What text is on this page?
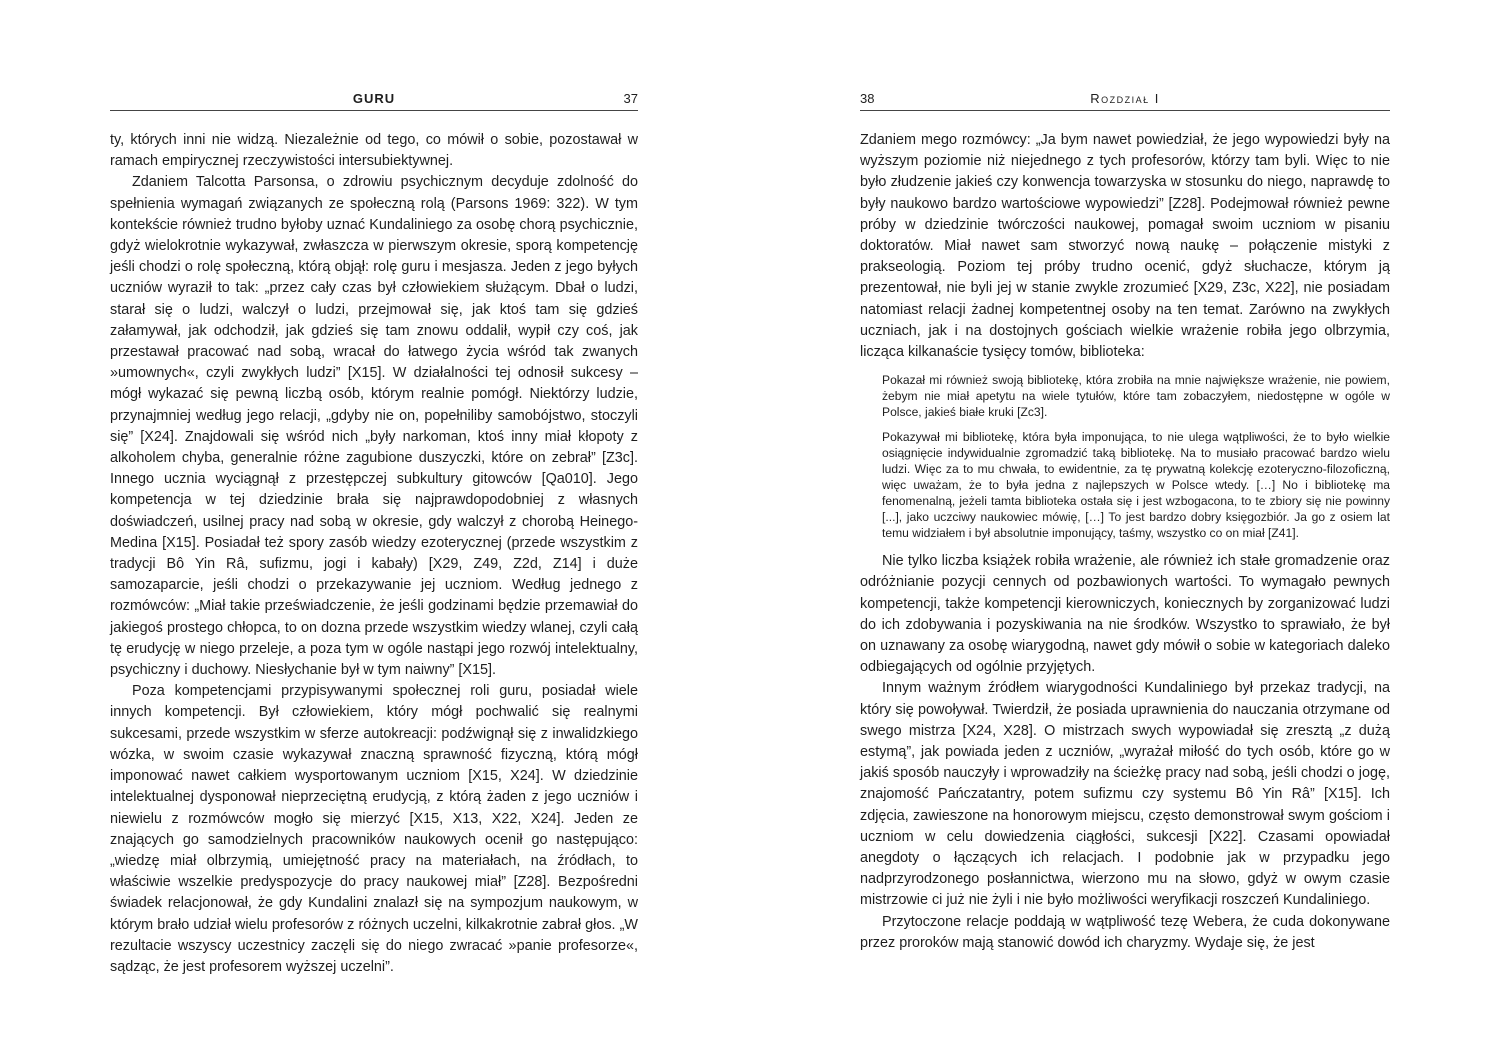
GURU	37

ty, których inni nie widzą. Niezależnie od tego, co mówił o sobie, pozostawał w ramach empirycznej rzeczywistości intersubiektywnej.

Zdaniem Talcotta Parsonsa, o zdrowiu psychicznym decyduje zdolność do spełnienia wymagań związanych ze społeczną rolą (Parsons 1969: 322). W tym kontekście również trudno byłoby uznać Kundaliniego za osobę chorą psychicznie, gdyż wielokrotnie wykazywał, zwłaszcza w pierwszym okresie, sporą kompetencję jeśli chodzi o rolę społeczną, którą objął: rolę guru i mesjasza. Jeden z jego byłych uczniów wyraził to tak: „przez cały czas był człowiekiem służącym. Dbał o ludzi, starał się o ludzi, walczył o ludzi, przejmował się, jak ktoś tam się gdzieś załamywał, jak odchodził, jak gdzieś się tam znowu oddalił, wypił czy coś, jak przestawał pracować nad sobą, wracał do łatwego życia wśród tak zwanych »umownych«, czyli zwykłych ludzi” [X15]. W działalności tej odnosił sukcesy – mógł wykazać się pewną liczbą osób, którym realnie pomógł. Niektórzy ludzie, przynajmniej według jego relacji, „gdyby nie on, popełniliby samobójstwo, stoczyli się” [X24]. Znajdowali się wśród nich „były narkoman, ktoś inny miał kłopoty z alkoholem chyba, generalnie różne zagubione duszyczki, które on zebrał” [Z3c]. Innego ucznia wyciągnął z przestępczej subkultury gitowców [Qa010]. Jego kompetencja w tej dziedzinie brała się najprawdopodobniej z własnych doświadczeń, usilnej pracy nad sobą w okresie, gdy walczył z chorobą Heinego-Medina [X15]. Posiadał też spory zasób wiedzy ezoterycznej (przede wszystkim z tradycji Bô Yin Râ, sufizmu, jogi i kabały) [X29, Z49, Z2d, Z14] i duże samozaparcie, jeśli chodzi o przekazywanie jej uczniom. Według jednego z rozmówców: „Miał takie przeświadczenie, że jeśli godzinami będzie przemawiał do jakiegoś prostego chłopca, to on dozna przede wszystkim wiedzy wlanej, czyli całą tę erudycję w niego przeleje, a poza tym w ogóle nastąpi jego rozwój intelektualny, psychiczny i duchowy. Niesłychanie był w tym naiwny” [X15].

Poza kompetencjami przypisywanymi społecznej roli guru, posiadał wiele innych kompetencji. Był człowiekiem, który mógł pochwalić się realnymi sukcesami, przede wszystkim w sferze autokreacji: podźwignął się z inwalidzkiego wózka, w swoim czasie wykazywał znaczną sprawność fizyczną, którą mógł imponować nawet całkiem wysportowanym uczniom [X15, X24]. W dziedzinie intelektualnej dysponował nieprzeciętną erudycją, z którą żaden z jego uczniów i niewielu z rozmówców mogło się mierzyć [X15, X13, X22, X24]. Jeden ze znających go samodzielnych pracowników naukowych ocenił go następująco: „wiedzę miał olbrzymią, umiejętność pracy na materiałach, na źródłach, to właściwie wszelkie predyspozycje do pracy naukowej miał” [Z28]. Bezpośredni świadek relacjonował, że gdy Kundalini znalazł się na sympozjum naukowym, w którym brało udział wielu profesorów z różnych uczelni, kilkakrotnie zabrał głos. „W rezultacie wszyscy uczestnicy zaczęli się do niego zwracać »panie profesorze«, sądząc, że jest profesorem wyższej uczelni”.

38	Rozdział I

Zdaniem mego rozmówcy: „Ja bym nawet powiedział, że jego wypowiedzi były na wyższym poziomie niż niejednego z tych profesorów, którzy tam byli. Więc to nie było złudzenie jakieś czy konwencja towarzyska w stosunku do niego, naprawdę to były naukowo bardzo wartościowe wypowiedzi” [Z28]. Podejmował również pewne próby w dziedzinie twórczości naukowej, pomagał swoim uczniom w pisaniu doktoratów. Miał nawet sam stworzyć nową naukę – połączenie mistyki z prakseologią. Poziom tej próby trudno ocenić, gdyż słuchacze, którym ją prezentował, nie byli jej w stanie zwykle zrozumieć [X29, Z3c, X22], nie posiadam natomiast relacji żadnej kompetentnej osoby na ten temat. Zarówno na zwykłych uczniach, jak i na dostojnych gościach wielkie wrażenie robiła jego olbrzymia, licząca kilkanaście tysięcy tomów, biblioteka:

Pokazał mi również swoją bibliotekę, która zrobiła na mnie największe wrażenie, nie powiem, żebym nie miał apetytu na wiele tytułów, które tam zobaczyłem, niedostępne w ogóle w Polsce, jakieś białe kruki [Zc3].

Pokazywał mi bibliotekę, która była imponująca, to nie ulega wątpliwości, że to było wielkie osiągnięcie indywidualnie zgromadzić taką bibliotekę. Na to musiało pracować bardzo wielu ludzi. Więc za to mu chwała, to ewidentnie, za tę prywatną kolekcję ezoteryczno-filozoficzną, więc uważam, że to była jedna z najlepszych w Polsce wtedy. […] No i bibliotekę ma fenomenalną, jeżeli tamta biblioteka ostała się i jest wzbogacona, to te zbiory się nie powinny [...], jako uczciwy naukowiec mówię, […] To jest bardzo dobry księgozbiór. Ja go z osiem lat temu widziałem i był absolutnie imponujący, taśmy, wszystko co on miał [Z41].

Nie tylko liczba książek robiła wrażenie, ale również ich stałe gromadzenie oraz odróżnianie pozycji cennych od pozbawionych wartości. To wymagało pewnych kompetencji, także kompetencji kierowniczych, koniecznych by zorganizować ludzi do ich zdobywania i pozyskiwania na nie środków. Wszystko to sprawiało, że był on uznawany za osobę wiarygodną, nawet gdy mówił o sobie w kategoriach daleko odbiegających od ogólnie przyjętych.

Innym ważnym źródłem wiarygodności Kundaliniego był przekaz tradycji, na który się powoływał. Twierdził, że posiada uprawnienia do nauczania otrzymane od swego mistrza [X24, X28]. O mistrzach swych wypowiadał się zresztą „z dużą estymą”, jak powiada jeden z uczniów, „wyrażał miłość do tych osób, które go w jakiś sposób nauczyły i wprowadziły na ścieżkę pracy nad sobą, jeśli chodzi o jogę, znajomość Pańczatantry, potem sufizmu czy systemu Bô Yin Râ” [X15]. Ich zdjęcia, zawieszone na honorowym miejscu, często demonstrował swym gościom i uczniom w celu dowiedzenia ciągłości, sukcesji [X22]. Czasami opowiadał anegdoty o łączących ich relacjach. I podobnie jak w przypadku jego nadprzyrodzonego posłannictwa, wierzono mu na słowo, gdyż w owym czasie mistrzowie ci już nie żyli i nie było możliwości weryfikacji roszczeń Kundaliniego.

Przytoczone relacje poddają w wątpliwość tezę Webera, że cuda dokonywane przez proroków mają stanowić dowód ich charyzmy. Wydaje się, że jest
